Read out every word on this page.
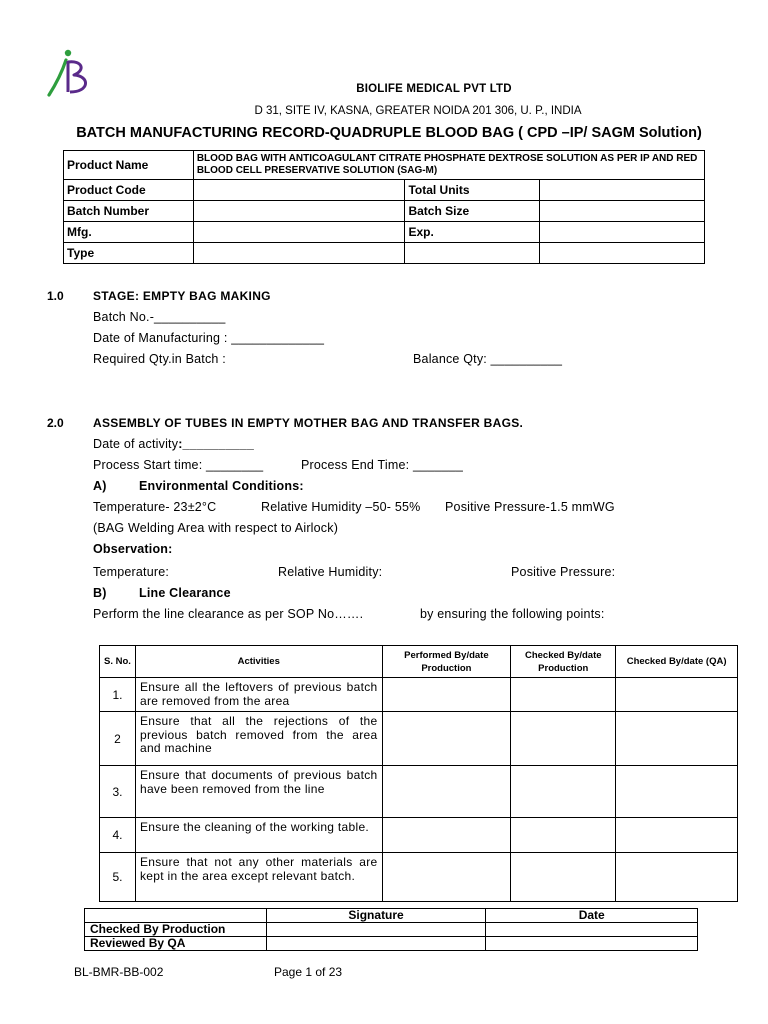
BIOLIFE MEDICAL PVT LTD
D 31, SITE IV, KASNA, GREATER NOIDA 201 306, U. P., INDIA
BATCH MANUFACTURING RECORD-QUADRUPLE BLOOD BAG ( CPD –IP/ SAGM Solution)
Product Name	BLOOD BAG WITH ANTICOAGULANT CITRATE PHOSPHATE DEXTROSE SOLUTION AS PER IP AND RED BLOOD CELL PRESERVATIVE SOLUTION (SAG-M)		
Product Code		Total Units	
Batch Number		Batch Size	
Mfg.		Exp.	
Type			
1.0 STAGE: EMPTY BAG MAKING
Batch No.-__________
Date of Manufacturing : _____________
Required Qty.in Batch :	Balance Qty: __________
2.0 ASSEMBLY OF TUBES IN EMPTY MOTHER BAG AND TRANSFER BAGS.
Date of activity:__________
Process Start time: ________	Process End Time: _______
A)	Environmental Conditions:
Temperature- 23±2°C	Relative Humidity –50- 55% Positive Pressure-1.5 mmWG
(BAG Welding Area with respect to Airlock)
Observation:
Temperature:	Relative Humidity:	Positive Pressure:
B)	Line Clearance
Perform the line clearance as per SOP No…….	by ensuring the following points:
S. No.	Activities	Performed By/date Production	Checked By/date Production	Checked By/date (QA)
1.	Ensure all the leftovers of previous batch are removed from the area			
2	Ensure that all the rejections of the previous batch removed from the area and machine			
3.	Ensure that documents of previous batch have been removed from the line			
4.	Ensure the cleaning of the working table.			
5.	Ensure that not any other materials are kept in the area except relevant batch.			
	Signature	Date
Checked By Production		
Reviewed By QA		
BL-BMR-BB-002	Page 1 of 23
